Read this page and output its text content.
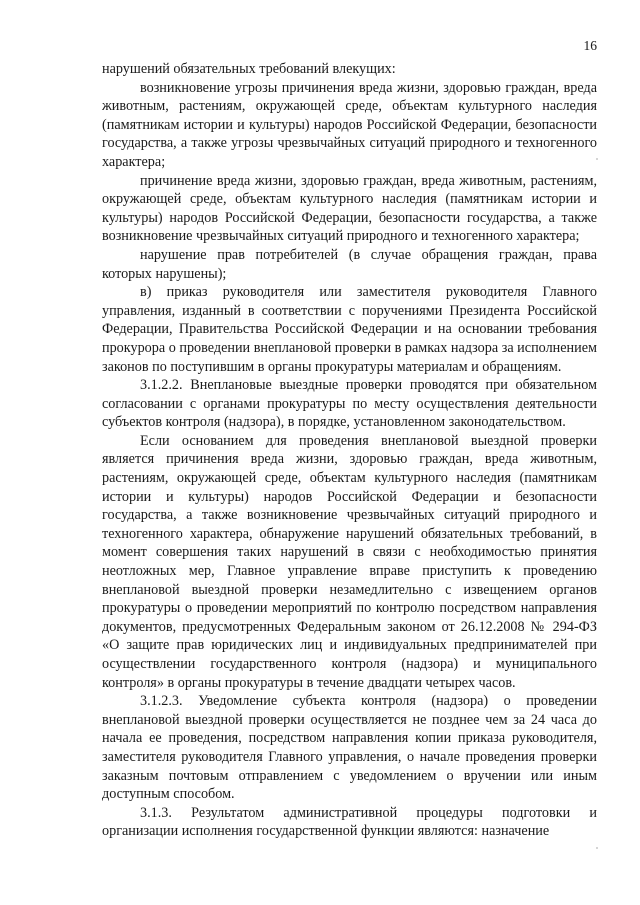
16

нарушений обязательных требований влекущих:

возникновение угрозы причинения вреда жизни, здоровью граждан, вреда животным, растениям, окружающей среде, объектам культурного наследия (памятникам истории и культуры) народов Российской Федерации, безопасности государства, а также угрозы чрезвычайных ситуаций природного и техногенного характера;

причинение вреда жизни, здоровью граждан, вреда животным, растениям, окружающей среде, объектам культурного наследия (памятникам истории и культуры) народов Российской Федерации, безопасности государства, а также возникновение чрезвычайных ситуаций природного и техногенного характера;

нарушение прав потребителей (в случае обращения граждан, права которых нарушены);

в) приказ руководителя или заместителя руководителя Главного управления, изданный в соответствии с поручениями Президента Российской Федерации, Правительства Российской Федерации и на основании требования прокурора о проведении внеплановой проверки в рамках надзора за исполнением законов по поступившим в органы прокуратуры материалам и обращениям.

3.1.2.2. Внеплановые выездные проверки проводятся при обязательном согласовании с органами прокуратуры по месту осуществления деятельности субъектов контроля (надзора), в порядке, установленном законодательством.

Если основанием для проведения внеплановой выездной проверки является причинения вреда жизни, здоровью граждан, вреда животным, растениям, окружающей среде, объектам культурного наследия (памятникам истории и культуры) народов Российской Федерации и безопасности государства, а также возникновение чрезвычайных ситуаций природного и техногенного характера, обнаружение нарушений обязательных требований, в момент совершения таких нарушений в связи с необходимостью принятия неотложных мер, Главное управление вправе приступить к проведению внеплановой выездной проверки незамедлительно с извещением органов прокуратуры о проведении мероприятий по контролю посредством направления документов, предусмотренных Федеральным законом от 26.12.2008 № 294-ФЗ «О защите прав юридических лиц и индивидуальных предпринимателей при осуществлении государственного контроля (надзора) и муниципального контроля» в органы прокуратуры в течение двадцати четырех часов.

3.1.2.3. Уведомление субъекта контроля (надзора) о проведении внеплановой выездной проверки осуществляется не позднее чем за 24 часа до начала ее проведения, посредством направления копии приказа руководителя, заместителя руководителя Главного управления, о начале проведения проверки заказным почтовым отправлением с уведомлением о вручении или иным доступным способом.

3.1.3. Результатом административной процедуры подготовки и организации исполнения государственной функции являются: назначение
